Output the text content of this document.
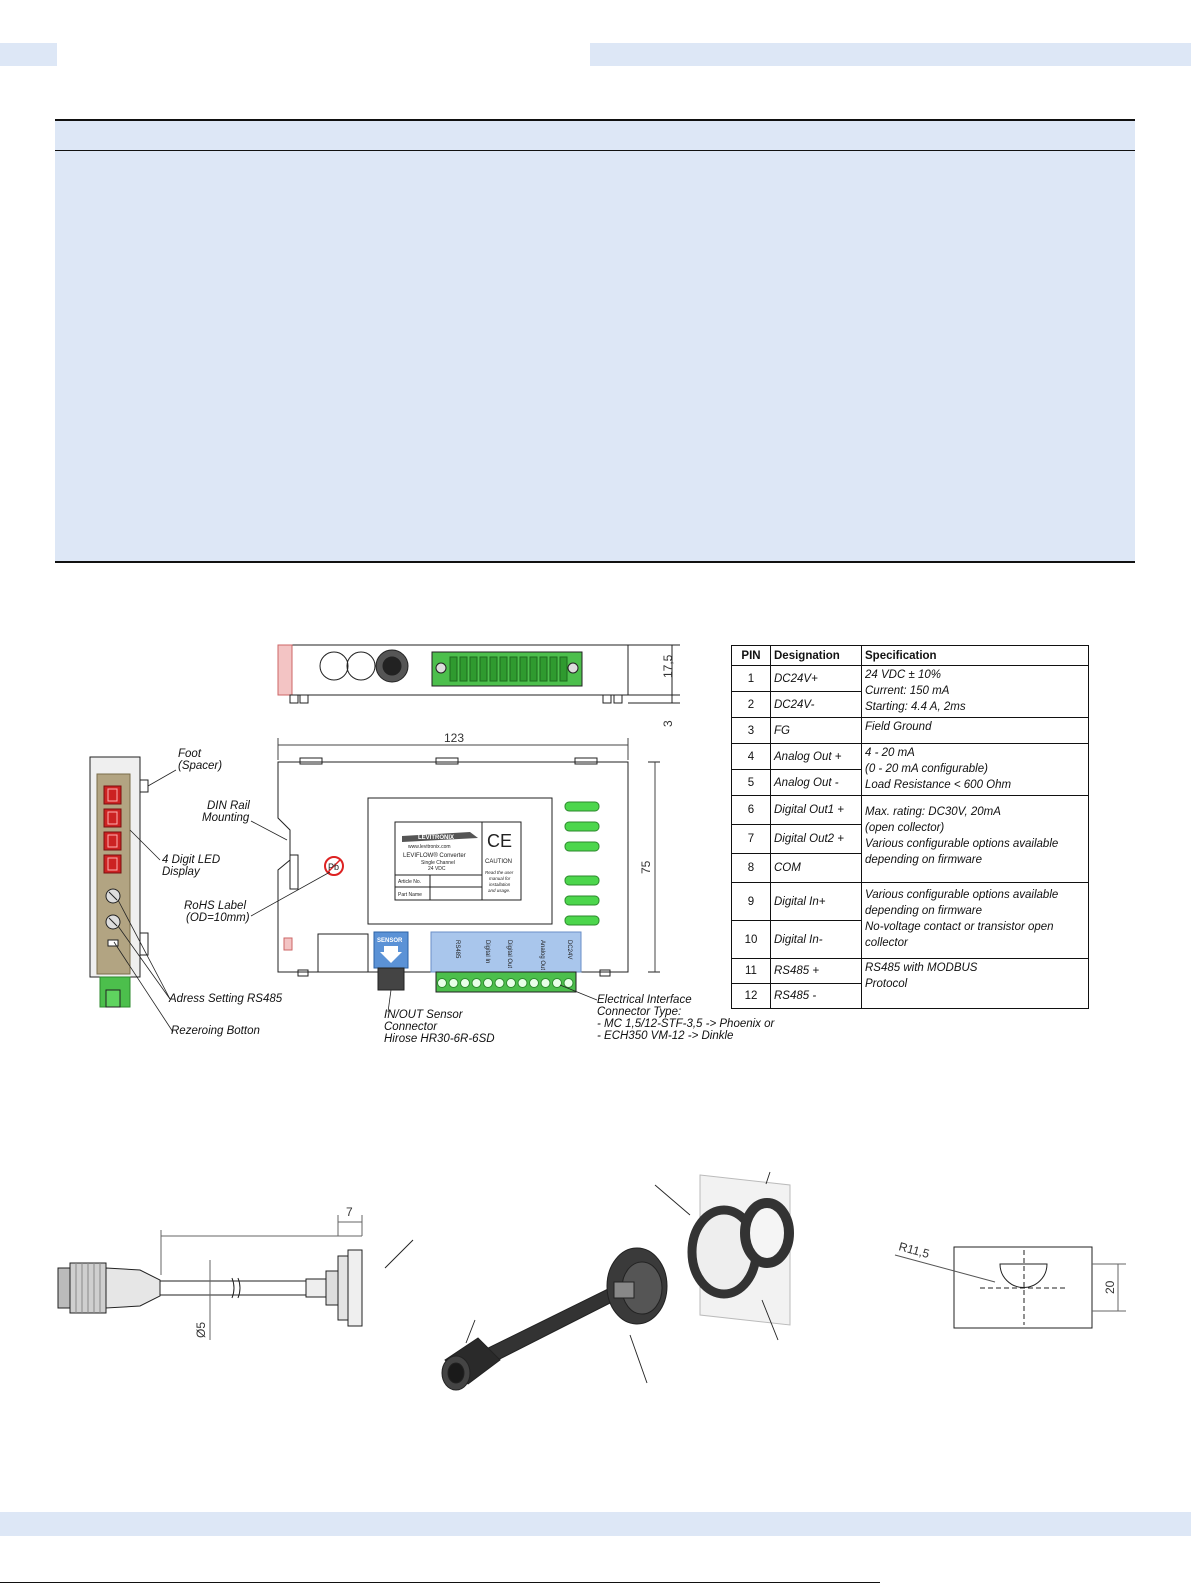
17,5
3
123
75
LEVITRONIX
www.levitronix.com
LEVIFLOW® Converter
Single Channel
24 VDC
Article No.
Part Name
CE
CAUTION
Read the user
manual for
installation
and usage.
SENSOR
Pb
DC24V
Analog Out
Digital Out
Digital In
RS485
Foot
(Spacer)
DIN Rail
Mounting
4 Digit LED
Display
RoHS Label
(OD=10mm)
Adress Setting RS485
Rezeroing Botton
IN/OUT Sensor
Connector
Hirose HR30-6R-6SD
Electrical Interface
Connector Type:
- MC 1,5/12-STF-3,5 -> Phoenix or
- ECH350 VM-12 -> Dinkle
PIN	Designation	Specification
1	DC24V+	24 VDC ± 10%
Current: 150 mA
Starting: 4.4 A, 2ms

2	DC24V-	
3	FG	Field Ground
4	Analog Out +	4 - 20 mA
(0 - 20 mA configurable)
Load Resistance < 600 Ohm

5	Analog Out -	
6	Digital Out1 +	Max. rating: DC30V, 20mA
(open collector)
Various configurable options available
depending on firmware

7	Digital Out2 +	
8	COM	
9	Digital In+	Various configurable options available
depending on firmware
No-voltage contact or transistor open
collector

10	Digital In-	
11	RS485 +	RS485 with MODBUS
Protocol

12	RS485 -	
7
Ø5
R11,5
20
